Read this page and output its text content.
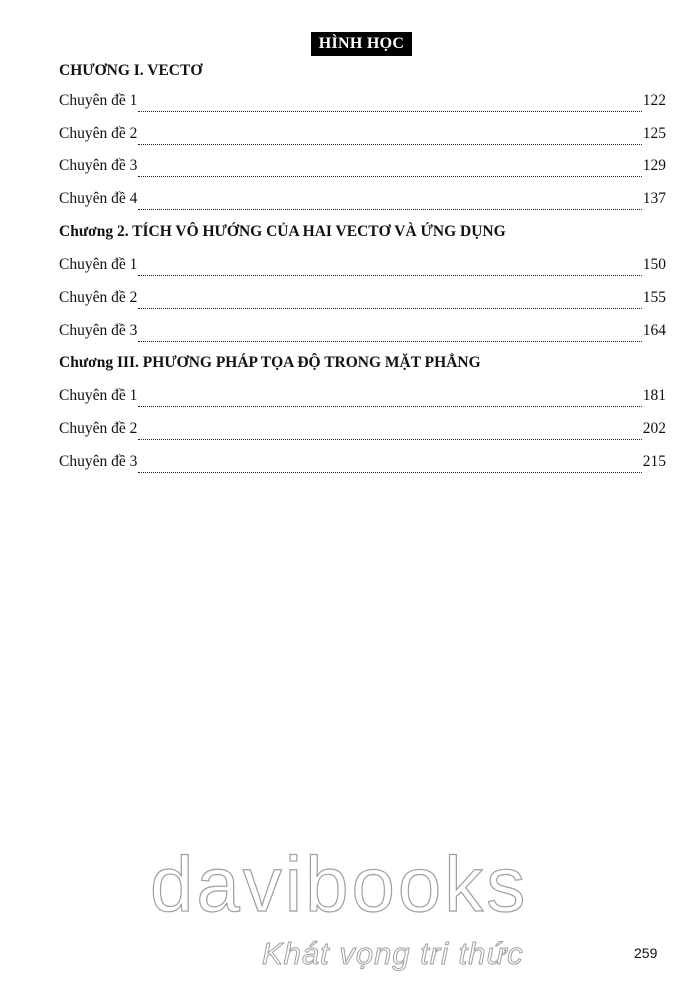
HÌNH HỌC
CHƯƠNG I. VECTƠ
Chuyên đề 1	122
Chuyên đề 2	125
Chuyên đề 3	129
Chuyên đề 4	137
Chương 2. TÍCH VÔ HƯỚNG CỦA HAI VECTƠ VÀ ỨNG DỤNG
Chuyên đề 1	150
Chuyên đề 2	155
Chuyên đề 3	164
Chương III. PHƯƠNG PHÁP TỌA ĐỘ TRONG MẶT PHẲNG
Chuyên đề 1	181
Chuyên đề 2	202
Chuyên đề 3	215
davibooks
Khát vọng tri thức	259
